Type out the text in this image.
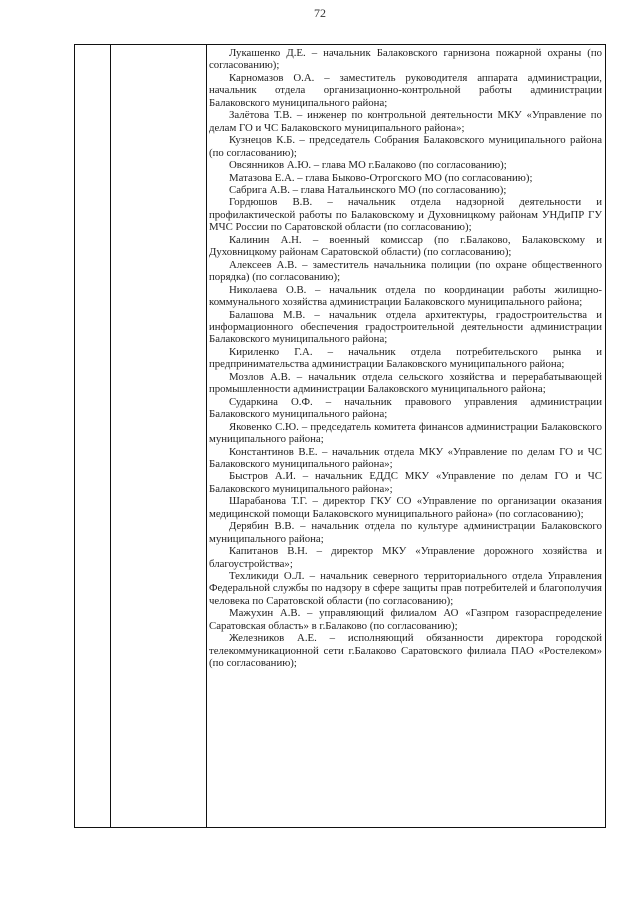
72

Лукашенко Д.Е. – начальник Балаковского гарнизона пожарной охраны (по согласованию);

Карномазов О.А. – заместитель руководителя аппарата администрации, начальник отдела организационно-контрольной работы администрации Балаковского муниципального района;

Залётова Т.В. – инженер по контрольной деятельности МКУ «Управление по делам ГО и ЧС Балаковского муниципального района»;

Кузнецов К.Б. – председатель Собрания Балаковского муниципального района (по согласованию);

Овсянников А.Ю. – глава МО г.Балаково (по согласованию);

Матазова Е.А. – глава Быково-Отрогского МО (по согласованию);

Сабрига А.В. – глава Натальинского МО (по согласованию);

Гордюшов В.В. – начальник отдела надзорной деятельности и профилактической работы по Балаковскому и Духовницкому районам УНДиПР ГУ МЧС России по Саратовской области (по согласованию);

Калинин А.Н. – военный комиссар (по г.Балаково, Балаковскому и Духовницкому районам Саратовской области) (по согласованию);

Алексеев А.В. – заместитель начальника полиции (по охране общественного порядка) (по согласованию);

Николаева О.В. – начальник отдела по координации работы жилищно-коммунального хозяйства администрации Балаковского муниципального района;

Балашова М.В. – начальник отдела архитектуры, градостроительства и информационного обеспечения градостроительной деятельности администрации Балаковского муниципального района;

Кириленко Г.А. – начальник отдела потребительского рынка и предпринимательства администрации Балаковского муниципального района;

Мозлов А.В. – начальник отдела сельского хозяйства и перерабатывающей промышленности администрации Балаковского муниципального района;

Сударкина О.Ф. – начальник правового управления администрации Балаковского муниципального района;

Яковенко С.Ю. – председатель комитета финансов администрации Балаковского муниципального района;

Константинов В.Е. – начальник отдела МКУ «Управление по делам ГО и ЧС Балаковского муниципального района»;

Быстров А.И. – начальник ЕДДС МКУ «Управление по делам ГО и ЧС Балаковского муниципального района»;

Шарабанова Т.Г. – директор ГКУ СО «Управление по организации оказания медицинской помощи Балаковского муниципального района» (по согласованию);

Дерябин В.В. – начальник отдела по культуре администрации Балаковского муниципального района;

Капитанов В.Н. – директор МКУ «Управление дорожного хозяйства и благоустройства»;

Техликиди О.Л. – начальник северного территориального отдела Управления Федеральной службы по надзору в сфере защиты прав потребителей и благополучия человека по Саратовской области (по согласованию);

Мажухин А.В. – управляющий филиалом АО «Газпром газораспределение Саратовская область» в г.Балаково (по согласованию);

Железников А.Е. – исполняющий обязанности директора городской телекоммуникационной сети г.Балаково Саратовского филиала ПАО «Ростелеком» (по согласованию);
